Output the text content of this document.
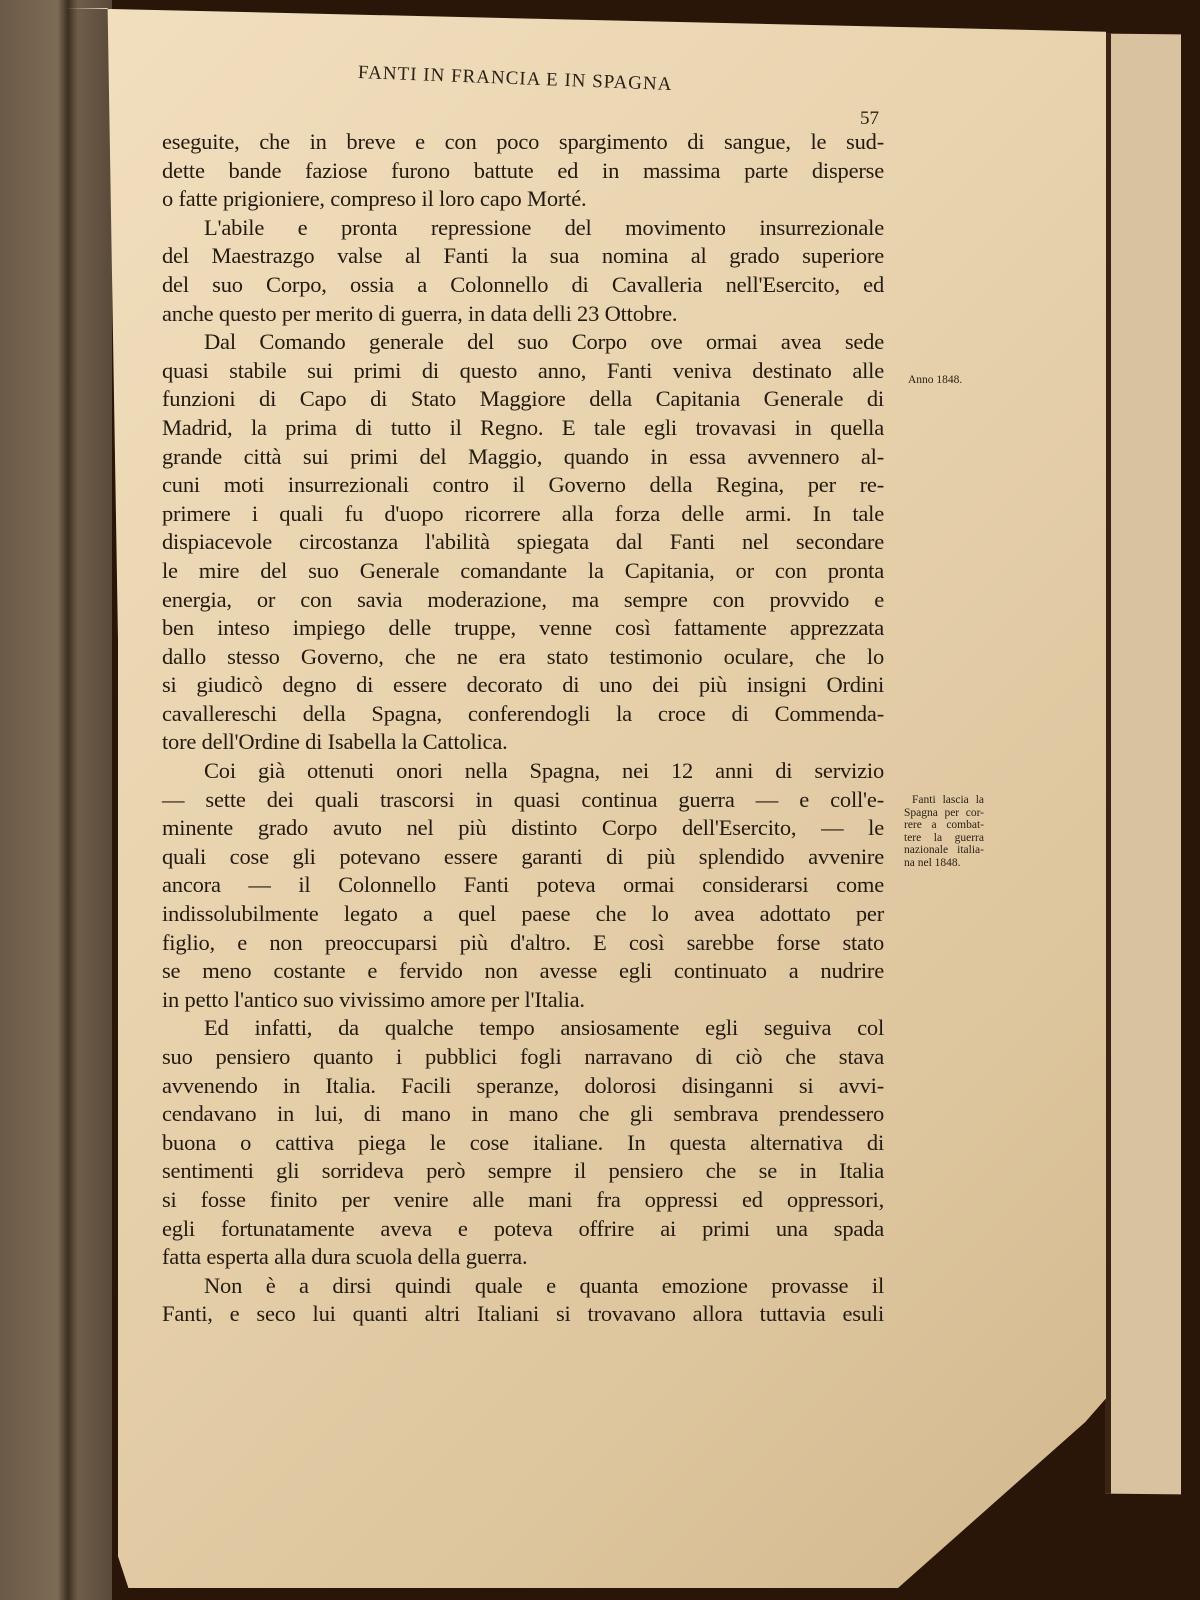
FANTI IN FRANCIA E IN SPAGNA
57
eseguite, che in breve e con poco spargimento di sangue, le sud-
dette bande faziose furono battute ed in massima parte disperse
o fatte prigioniere, compreso il loro capo Morté.
L'abile e pronta repressione del movimento insurrezionale
del Maestrazgo valse al Fanti la sua nomina al grado superiore
del suo Corpo, ossia a Colonnello di Cavalleria nell'Esercito, ed
anche questo per merito di guerra, in data delli 23 Ottobre.
Dal Comando generale del suo Corpo ove ormai avea sede
quasi stabile sui primi di questo anno, Fanti veniva destinato alle
funzioni di Capo di Stato Maggiore della Capitania Generale di
Madrid, la prima di tutto il Regno. E tale egli trovavasi in quella
grande città sui primi del Maggio, quando in essa avvennero al-
cuni moti insurrezionali contro il Governo della Regina, per re-
primere i quali fu d'uopo ricorrere alla forza delle armi. In tale
dispiacevole circostanza l'abilità spiegata dal Fanti nel secondare
le mire del suo Generale comandante la Capitania, or con pronta
energia, or con savia moderazione, ma sempre con provvido e
ben inteso impiego delle truppe, venne così fattamente apprezzata
dallo stesso Governo, che ne era stato testimonio oculare, che lo
si giudicò degno di essere decorato di uno dei più insigni Ordini
cavallereschi della Spagna, conferendogli la croce di Commenda-
tore dell'Ordine di Isabella la Cattolica.
Coi già ottenuti onori nella Spagna, nei 12 anni di servizio
— sette dei quali trascorsi in quasi continua guerra — e coll'e-
minente grado avuto nel più distinto Corpo dell'Esercito, — le
quali cose gli potevano essere garanti di più splendido avvenire
ancora — il Colonnello Fanti poteva ormai considerarsi come
indissolubilmente legato a quel paese che lo avea adottato per
figlio, e non preoccuparsi più d'altro. E così sarebbe forse stato
se meno costante e fervido non avesse egli continuato a nudrire
in petto l'antico suo vivissimo amore per l'Italia.
Ed infatti, da qualche tempo ansiosamente egli seguiva col
suo pensiero quanto i pubblici fogli narravano di ciò che stava
avvenendo in Italia. Facili speranze, dolorosi disinganni si avvi-
cendavano in lui, di mano in mano che gli sembrava prendessero
buona o cattiva piega le cose italiane. In questa alternativa di
sentimenti gli sorrideva però sempre il pensiero che se in Italia
si fosse finito per venire alle mani fra oppressi ed oppressori,
egli fortunatamente aveva e poteva offrire ai primi una spada
fatta esperta alla dura scuola della guerra.
Non è a dirsi quindi quale e quanta emozione provasse il
Fanti, e seco lui quanti altri Italiani si trovavano allora tuttavia esuli
Anno 1848.
Fanti lascia la
Spagna per cor-
rere a combat-
tere la guerra
nazionale italia-
na nel 1848.
